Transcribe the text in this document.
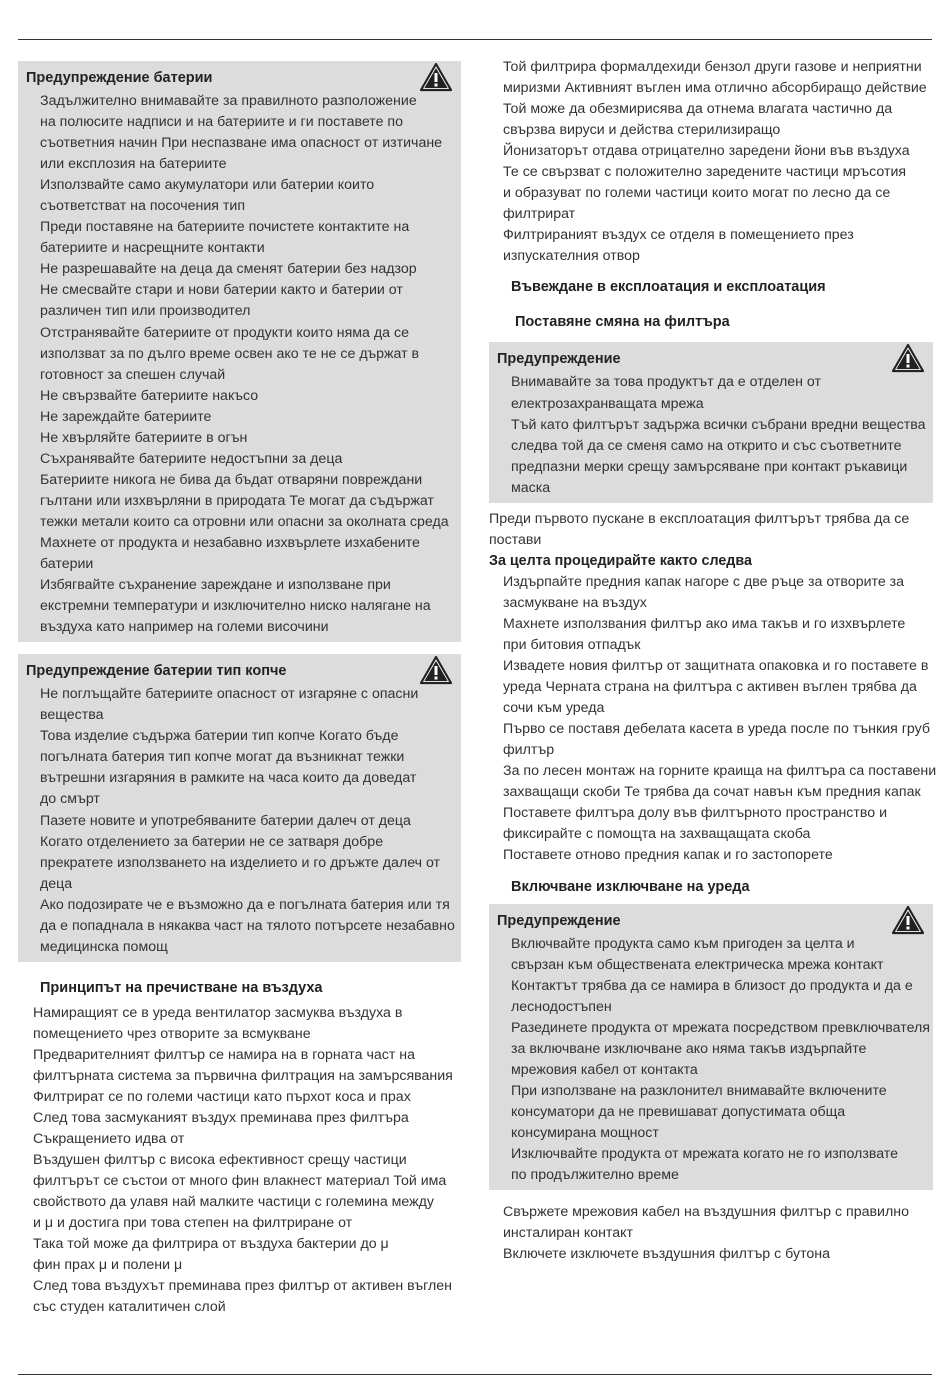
Предупреждение батерии
Задължително внимавайте за правилното разположение
на полюсите надписи и на батериите и ги поставете по
съответния начин При неспазване има опасност от изтичане
или експлозия на батериите
Използвайте само акумулатори или батерии които
съответстват на посочения тип
Преди поставяне на батериите почистете контактите на
батериите и насрещните контакти
Не разрешавайте на деца да сменят батерии без надзор
Не смесвайте стари и нови батерии както и батерии от
различен тип или производител
Отстранявайте батериите от продукти които няма да се
използват за по дълго време освен ако те не се държат в
готовност за спешен случай
Не свързвайте батериите накъсо
Не зареждайте батериите
Не хвърляйте батериите в огън
Съхранявайте батериите недостъпни за деца
Батериите никога не бива да бъдат отваряни повреждани
гълтани или изхвърляни в природата Те могат да съдържат
тежки метали които са отровни или опасни за околната среда
Махнете от продукта и незабавно изхвърлете изхабените
батерии
Избягвайте съхранение зареждане и използване при
екстремни температури и изключително ниско налягане на
въздуха като например на големи височини
Предупреждение батерии тип копче
Не поглъщайте батериите опасност от изгаряне с опасни
вещества
Това изделие съдържа батерии тип копче Когато бъде
погълната батерия тип копче могат да възникнат тежки
вътрешни изгаряния в рамките на часа които да доведат
до смърт
Пазете новите и употребяваните батерии далеч от деца
Когато отделението за батерии не се затваря добре
прекратете използването на изделието и го дръжте далеч от
деца
Ако подозирате че е възможно да е погълната батерия или тя
да е попаднала в някаква част на тялото потърсете незабавно
медицинска помощ
Принципът на пречистване на въздуха
Намиращият се в уреда вентилатор засмуква въздуха в
помещението чрез отворите за всмукване
Предварителният филтър се намира на в горната част на
филтърната система за първична филтрация на замърсявания
Филтрират се по големи частици като пърхот коса и прах
След това засмуканият въздух преминава през филтъра
Съкращението идва от
Въздушен филтър с висока ефективност срещу частици
филтърът се състои от много фин влакнест материал Той има
свойството да улавя най малките частици с големина между
и μ и достига при това степен на филтриране от
Така той може да филтрира от въздуха бактерии до μ
фин прах μ и полени μ
След това въздухът преминава през филтър от активен въглен
със студен каталитичен слой
Той филтрира формалдехиди бензол други газове и неприятни
миризми Активният въглен има отлично абсорбиращо действие
Той може да обезмирисява да отнема влагата частично да
свързва вируси и действа стерилизиращо
Йонизаторът отдава отрицателно заредени йони във въздуха
Те се свързват с положително заредените частици мръсотия
и образуват по големи частици които могат по лесно да се
филтрират
Филтрираният въздух се отделя в помещението през
изпускателния отвор
Въвеждане в експлоатация и експлоатация
Поставяне смяна на филтъра
Предупреждение
Внимавайте за това продуктът да е отделен от
електрозахранващата мрежа
Тъй като филтърът задържа всички събрани вредни вещества
следва той да се сменя само на открито и със съответните
предпазни мерки срещу замърсяване при контакт ръкавици
маска
Преди първото пускане в експлоатация филтърът трябва да се
постави
За целта процедирайте както следва
Издърпайте предния капак нагоре с две ръце за отворите за
засмукване на въздух
Махнете използвания филтър ако има такъв и го изхвърлете
при битовия отпадък
Извадете новия филтър от защитната опаковка и го поставете в
уреда Черната страна на филтъра с активен въглен трябва да
сочи към уреда
Първо се поставя дебелата касета в уреда после по тънкия груб
филтър
За по лесен монтаж на горните краища на филтъра са поставени
захващащи скоби Те трябва да сочат навън към предния капак
Поставете филтъра долу във филтърното пространство и
фиксирайте с помощта на захващащата скоба
Поставете отново предния капак и го застопорете
Включване изключване на уреда
Предупреждение
Включвайте продукта само към пригоден за целта и
свързан към обществената електрическа мрежа контакт
Контактът трябва да се намира в близост до продукта и да е
леснодостъпен
Разединете продукта от мрежата посредством превключвателя
за включване изключване ако няма такъв издърпайте
мрежовия кабел от контакта
При използване на разклонител внимавайте включените
консуматори да не превишават допустимата обща
консумирана мощност
Изключвайте продукта от мрежата когато не го използвате
по продължително време
Свържете мрежовия кабел на въздушния филтър с правилно
инсталиран контакт
Включете изключете въздушния филтър с бутона
